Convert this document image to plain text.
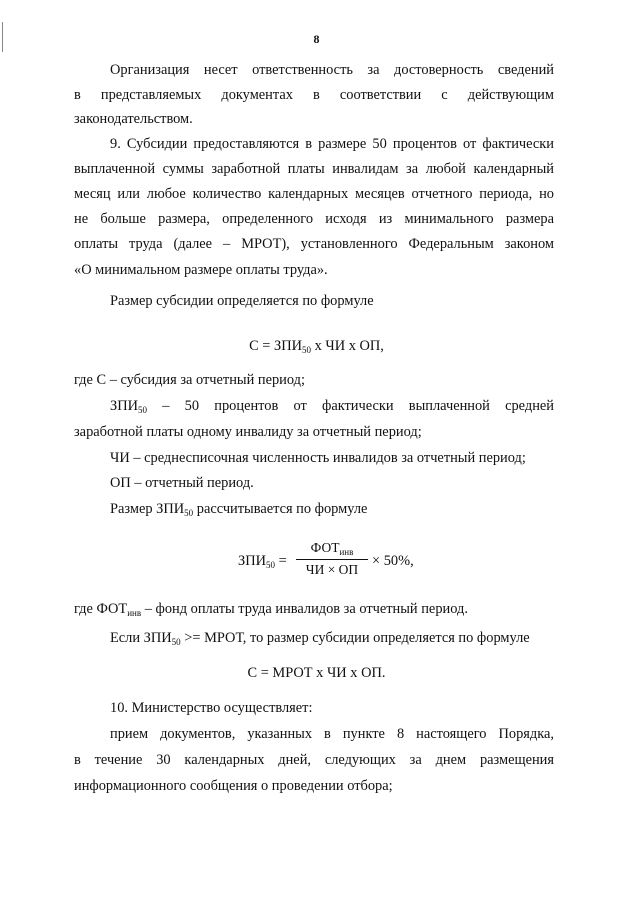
8
Организация несет ответственность за достоверность сведений
в представляемых документах в соответствии с действующим
законодательством.
9. Субсидии предоставляются в размере 50 процентов от фактически
выплаченной суммы заработной платы инвалидам за любой календарный
месяц или любое количество календарных месяцев отчетного периода, но
не больше размера, определенного исходя из минимального размера
оплаты труда (далее – МРОТ), установленного Федеральным законом
«О минимальном размере оплаты труда».
Размер субсидии определяется по формуле
$С = ЗПИ_{50}$ х ЧИ х ОП,
где С – субсидия за отчетный период;
$ЗПИ_{50} - 50$ процентов от фактически выплаченной средней
заработной платы одному инвалиду за отчетный период;
ЧИ – среднесписочная численность инвалидов за отчетный период;
ОП – отчетный период.
Размер $ЗПИ_{50}$ рассчитывается по формуле
$ЗПИ_{50}$ =
$ФОТ_{инв}$
ЧИ × ОП
× 50%,
где $ФОТ_{инв}$ – фонд оплаты труда инвалидов за отчетный период.
Если $ЗПИ_{50}$ >= МРОТ, то размер субсидии определяется по формуле
С = МРОТ х ЧИ х ОП.
10. Министерство осуществляет:
прием документов, указанных в пункте 8 настоящего Порядка,
в течение 30 календарных дней, следующих за днем размещения
информационного сообщения о проведении отбора;
